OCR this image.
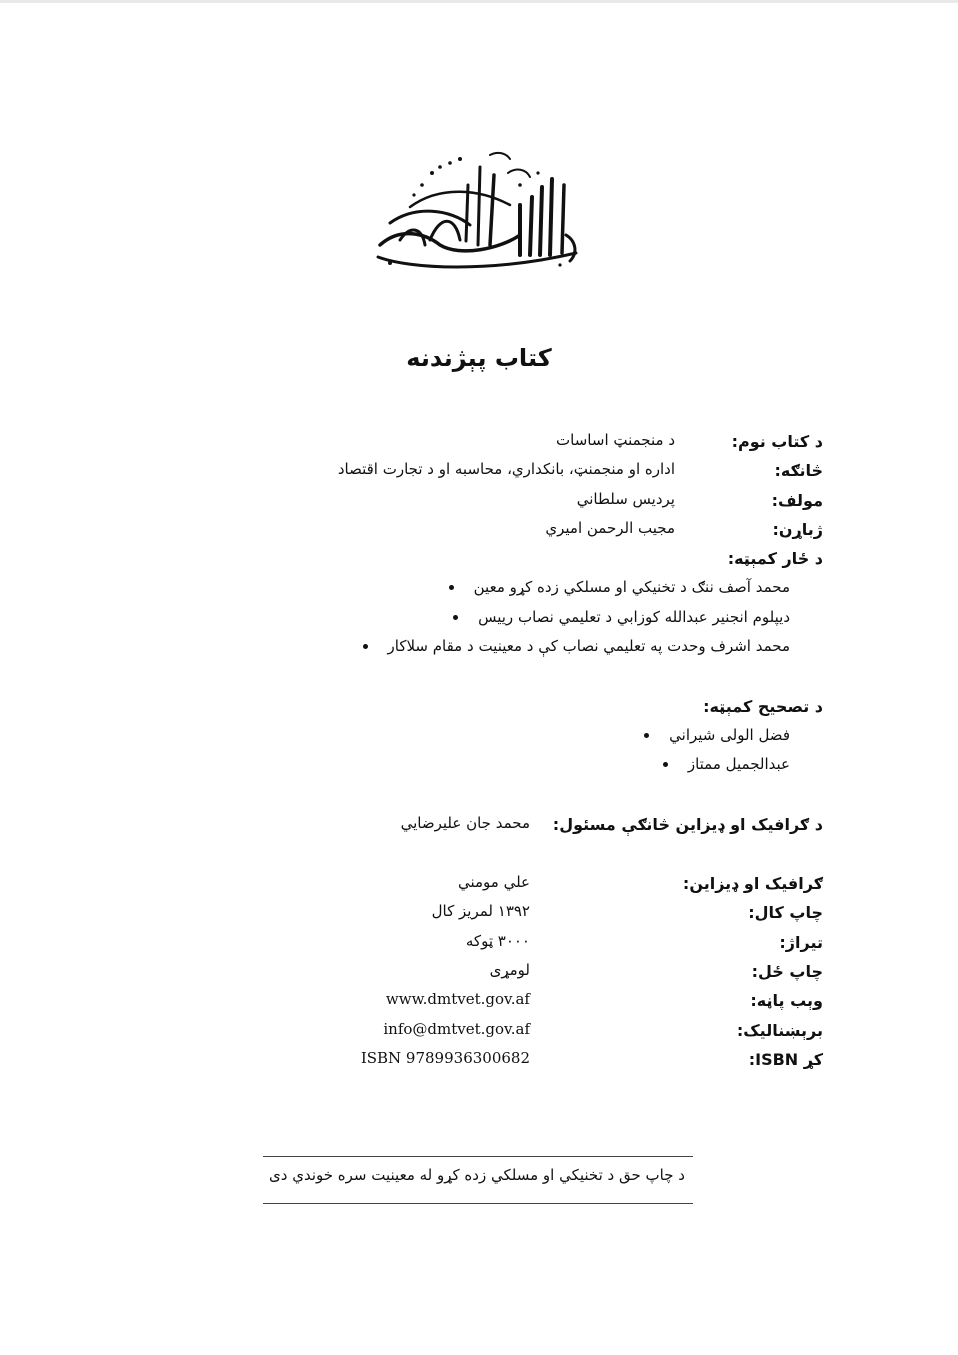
کتاب پېژندنه
د کتاب نوم:
د منجمنټ اساسات
څانګه:
اداره او منجمنټ، بانکداري، محاسبه او د تجارت اقتصاد
مولف:
پردیس سلطاني
ژباړن:
مجیب الرحمن امیري
د ځار کمېټه:
محمد آصف ننګ د تخنیکي او مسلکي زده کړو معین
دیپلوم انجنیر عبدالله کوزابي د تعلیمي نصاب رییس
محمد اشرف وحدت په تعلیمي نصاب کې د معینیت د مقام سلاکار
د تصحیح کمېټه:
فضل الولی شیراني
عبدالجمیل ممتاز
د ګرافیک او ډیزاین څانګې مسئول:
محمد جان علیرضایي
ګرافیک او ډیزاین:
علي مومني
چاپ کال:
۱۳۹۲ لمریز کال
تیراژ:
۳۰۰۰ ټوکه
چاپ ځل:
لومړی
وېب پاڼه:
www.dmtvet.gov.af
برېښنالیک:
info@dmtvet.gov.af
کړ ISBN:
ISBN 9789936300682
د چاپ حق د تخنیکي او مسلکي زده کړو له معینیت سره خوندي دی
